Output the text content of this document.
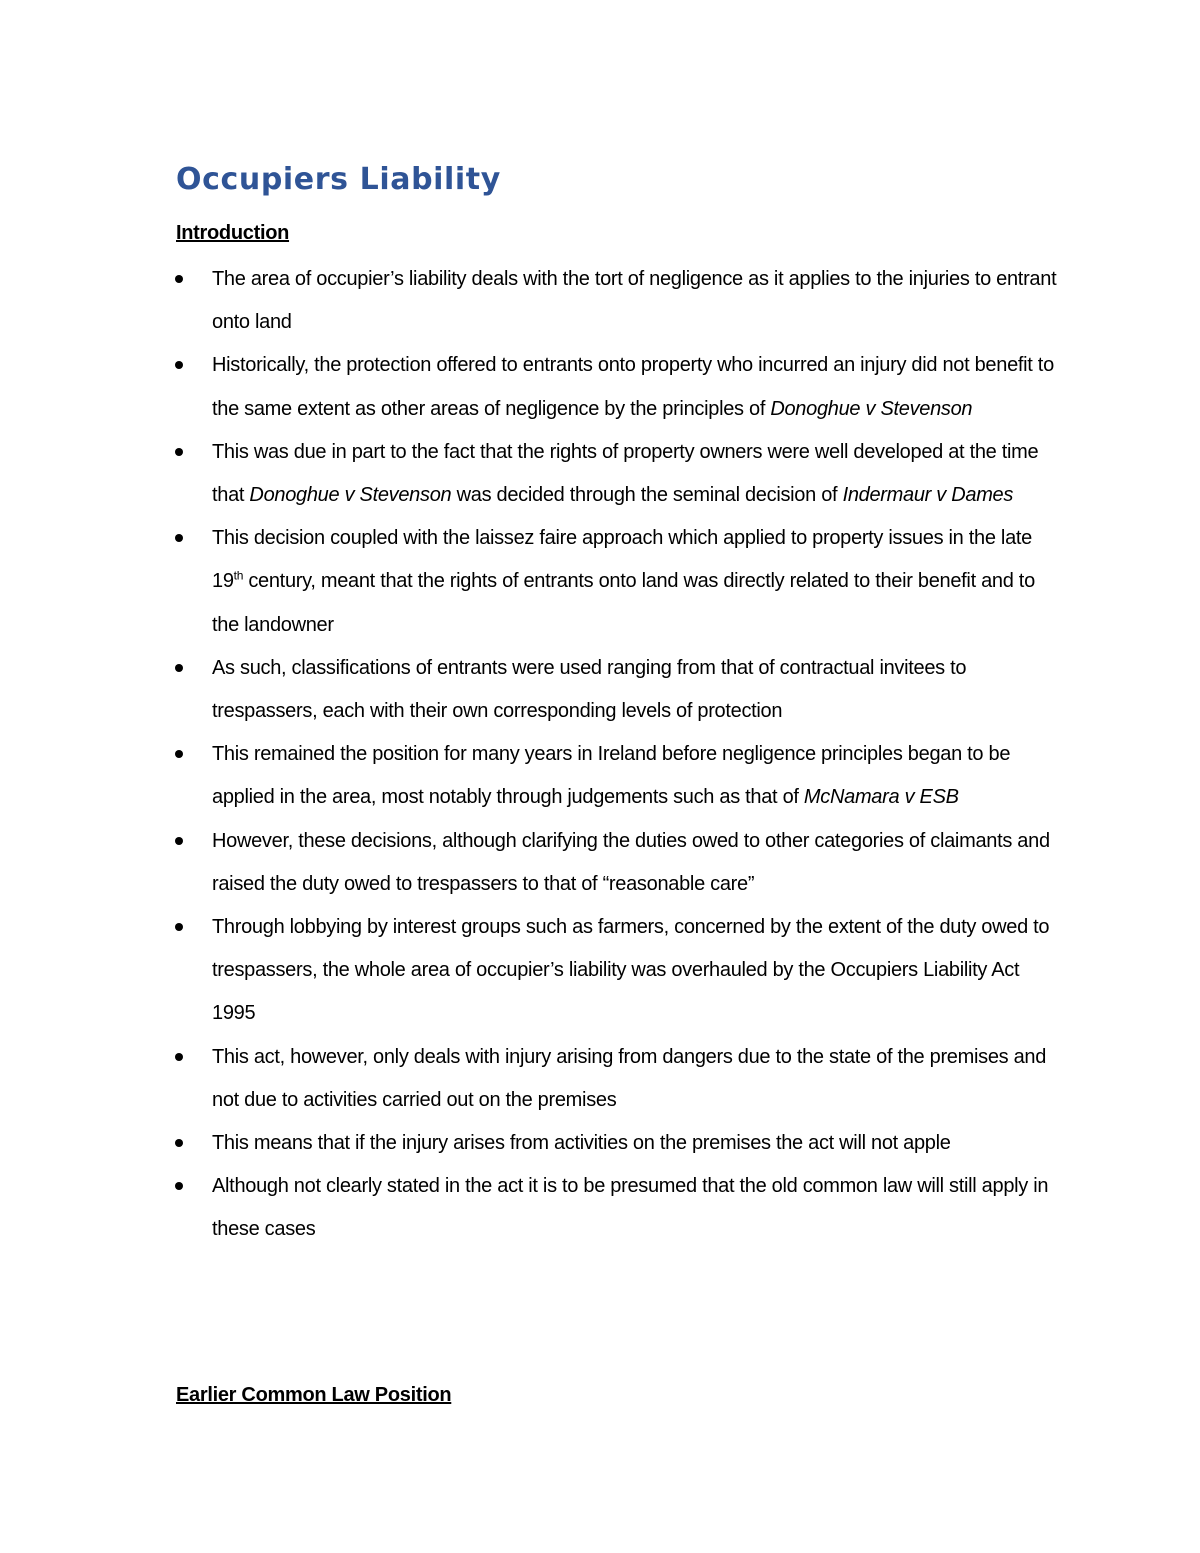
Occupiers Liability
Introduction
The area of occupier’s liability deals with the tort of negligence as it applies to the injuries to entrant onto land
Historically, the protection offered to entrants onto property who incurred an injury did not benefit to the same extent as other areas of negligence by the principles of Donoghue v Stevenson
This was due in part to the fact that the rights of property owners were well developed at the time that Donoghue v Stevenson was decided through the seminal decision of Indermaur v Dames
This decision coupled with the laissez faire approach which applied to property issues in the late 19th century, meant that the rights of entrants onto land was directly related to their benefit and to the landowner
As such, classifications of entrants were used ranging from that of contractual invitees to trespassers, each with their own corresponding levels of protection
This remained the position for many years in Ireland before negligence principles began to be applied in the area, most notably through judgements such as that of McNamara v ESB
However, these decisions, although clarifying the duties owed to other categories of claimants and raised the duty owed to trespassers to that of “reasonable care”
Through lobbying by interest groups such as farmers, concerned by the extent of the duty owed to trespassers, the whole area of occupier’s liability was overhauled by the Occupiers Liability Act 1995
This act, however, only deals with injury arising from dangers due to the state of the premises and not due to activities carried out on the premises
This means that if the injury arises from activities on the premises the act will not apple
Although not clearly stated in the act it is to be presumed that the old common law will still apply in these cases
Earlier Common Law Position
